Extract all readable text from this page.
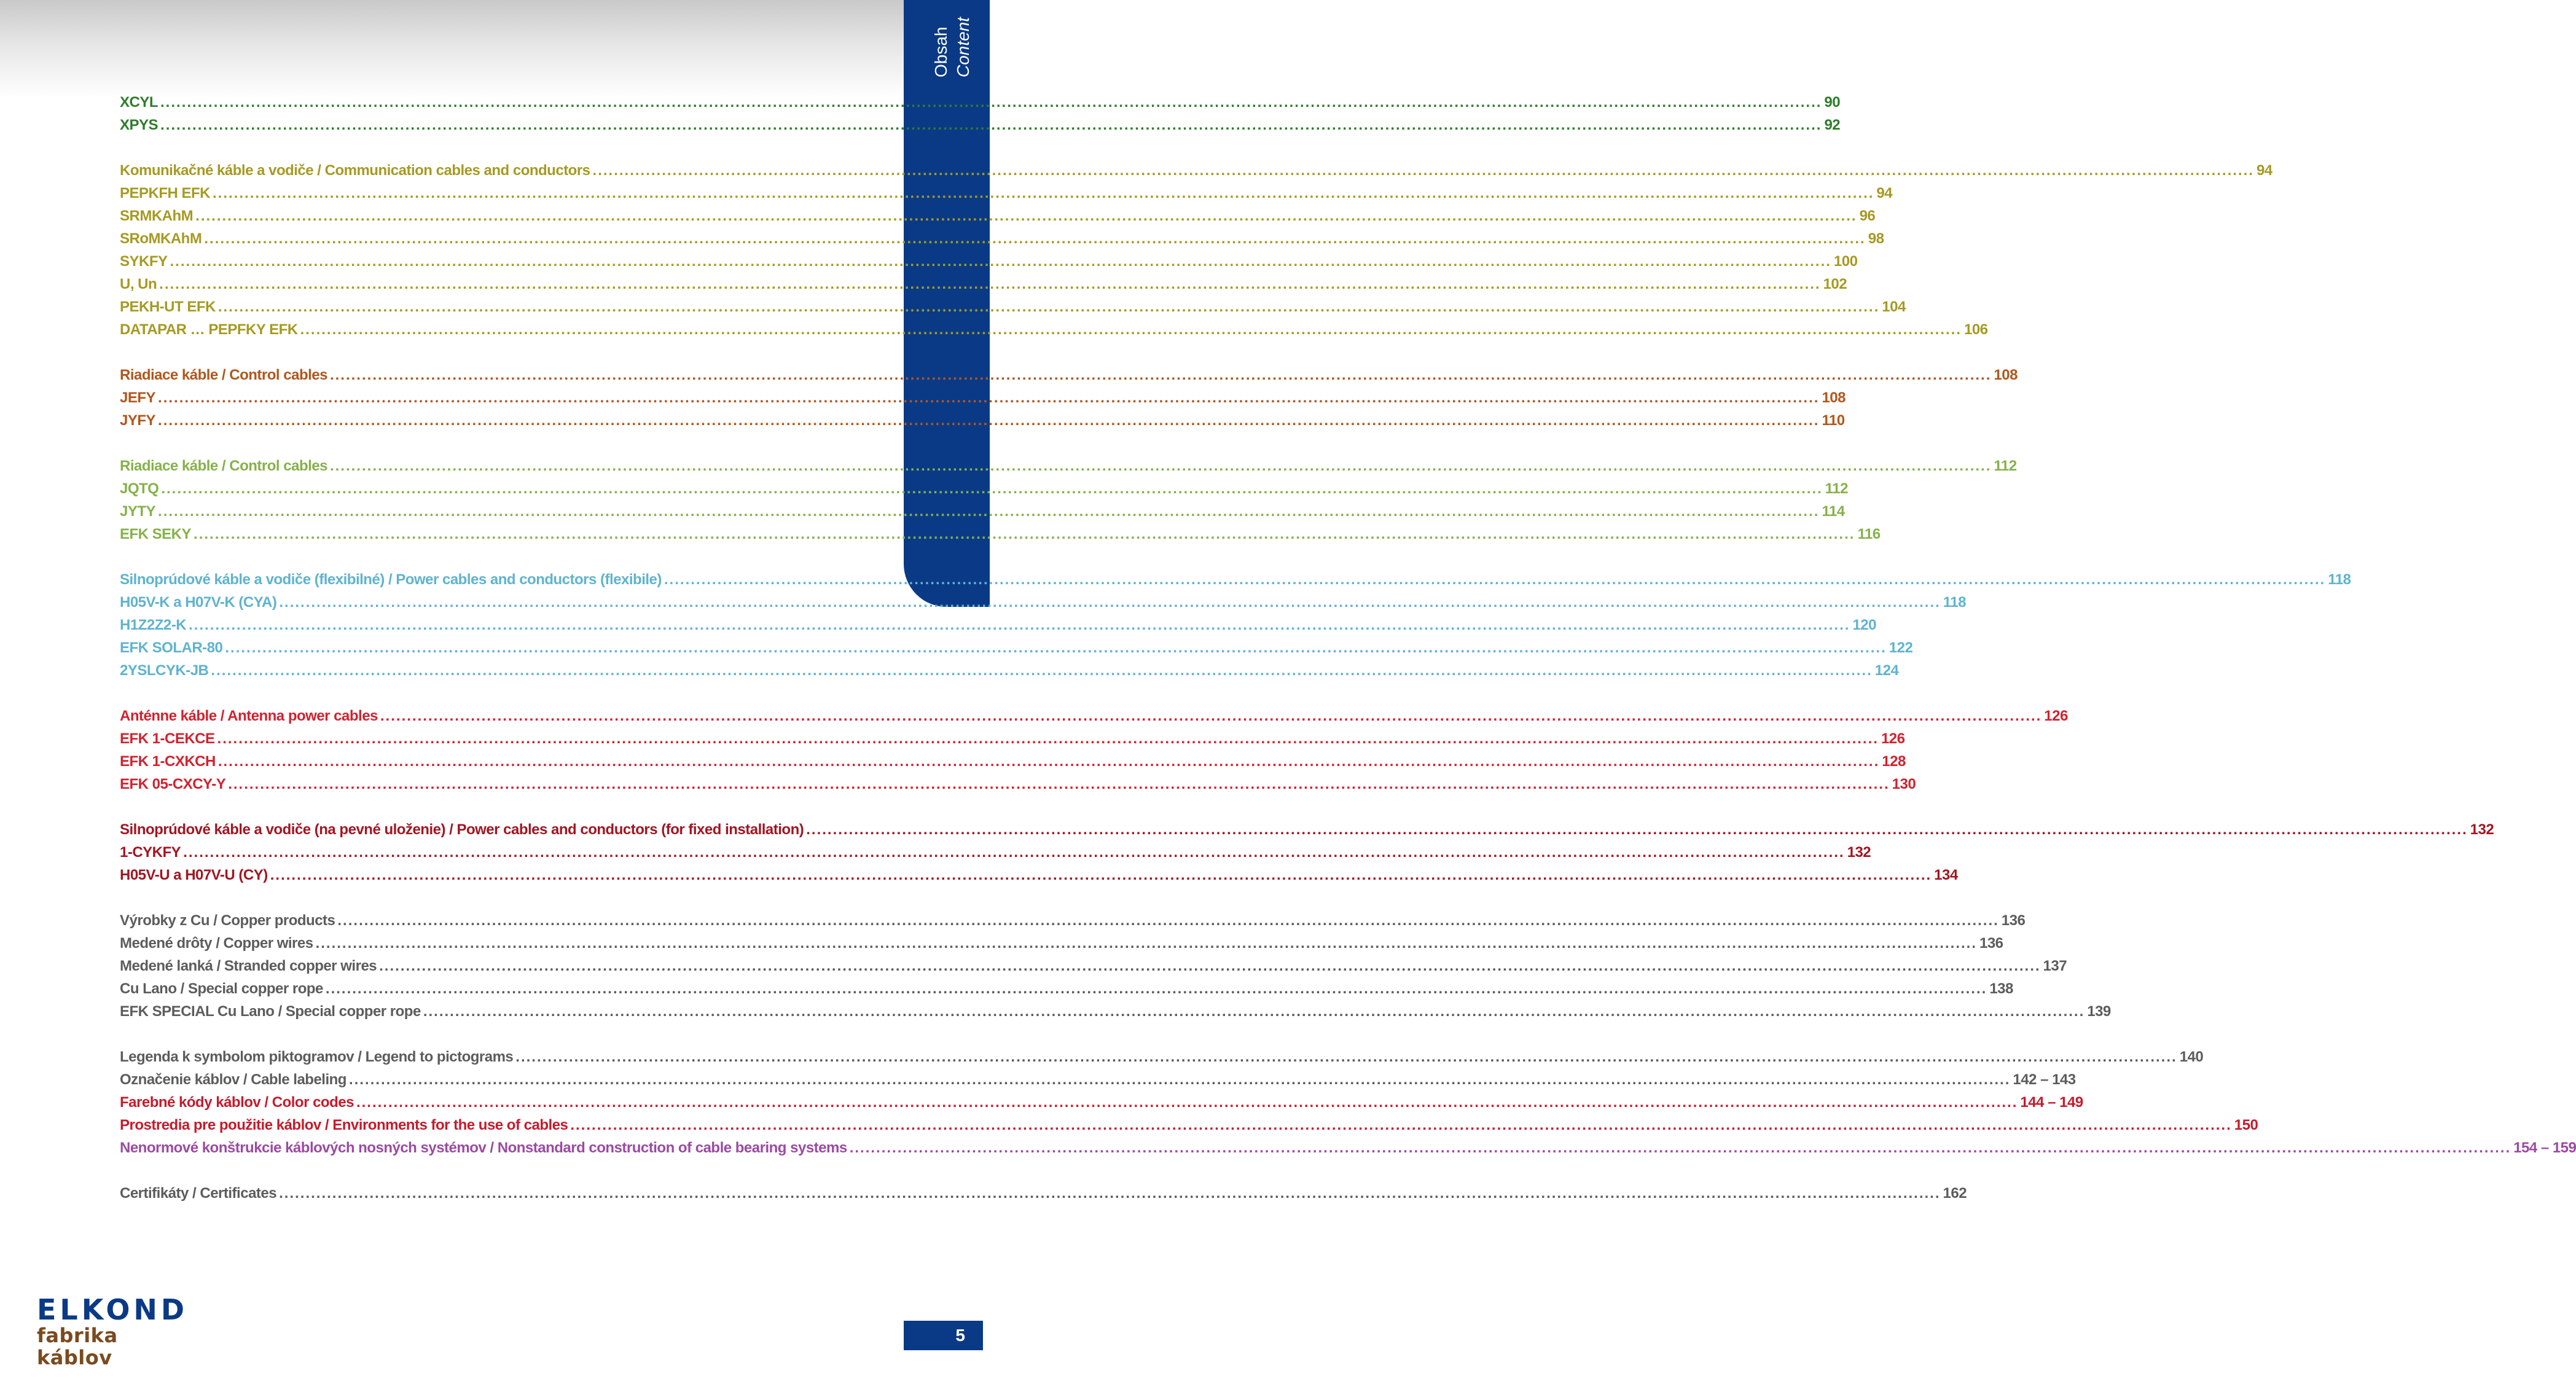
Obsah Content
XCYL .....	90
XPYS .....	92
Komunikačné káble a vodiče / Communication cables and conductors .....	94
PEPKFH EFK .....	94
SRMKAhM .....	96
SRoMKAhM .....	98
SYKFY .....	100
U, Un .....	102
PEKH-UT EFK .....	104
DATAPAR … PEPFKY EFK .....	106
Riadiace káble / Control cables .....	108
JEFY .....	108
JYFY .....	110
Riadiace káble / Control cables .....	112
JQTQ .....	112
JYTY .....	114
EFK SEKY .....	116
Silnoprúdové káble a vodiče (flexibilné) / Power cables and conductors (flexibile) .....	118
H05V-K a H07V-K (CYA) .....	118
H1Z2Z2-K .....	120
EFK SOLAR-80 .....	122
2YSLCYK-JB .....	124
Anténne káble / Antenna power cables .....	126
EFK 1-CEKCE .....	126
EFK 1-CXKCH .....	128
EFK 05-CXCY-Y .....	130
Silnoprúdové káble a vodiče (na pevné uloženie) / Power cables and conductors (for fixed installation) .....	132
1-CYKFY .....	132
H05V-U a H07V-U (CY) .....	134
Výrobky z Cu / Copper products .....	136
Medené drôty / Copper wires .....	136
Medené lanká / Stranded copper wires .....	137
Cu Lano / Special copper rope .....	138
EFK SPECIAL Cu Lano / Special copper rope .....	139
Legenda k symbolom piktogramov / Legend to pictograms .....	140
Označenie káblov / Cable labeling .....	142 – 143
Farebné kódy káblov / Color codes .....	144 – 149
Prostredia pre použitie káblov / Environments for the use of cables .....	150
Nenormové konštrukcie káblových nosných systémov / Nonstandard construction of cable bearing systems .....	154 – 159
Certifikáty / Certificates .....	162
ELKOND
fabrika káblov
5
